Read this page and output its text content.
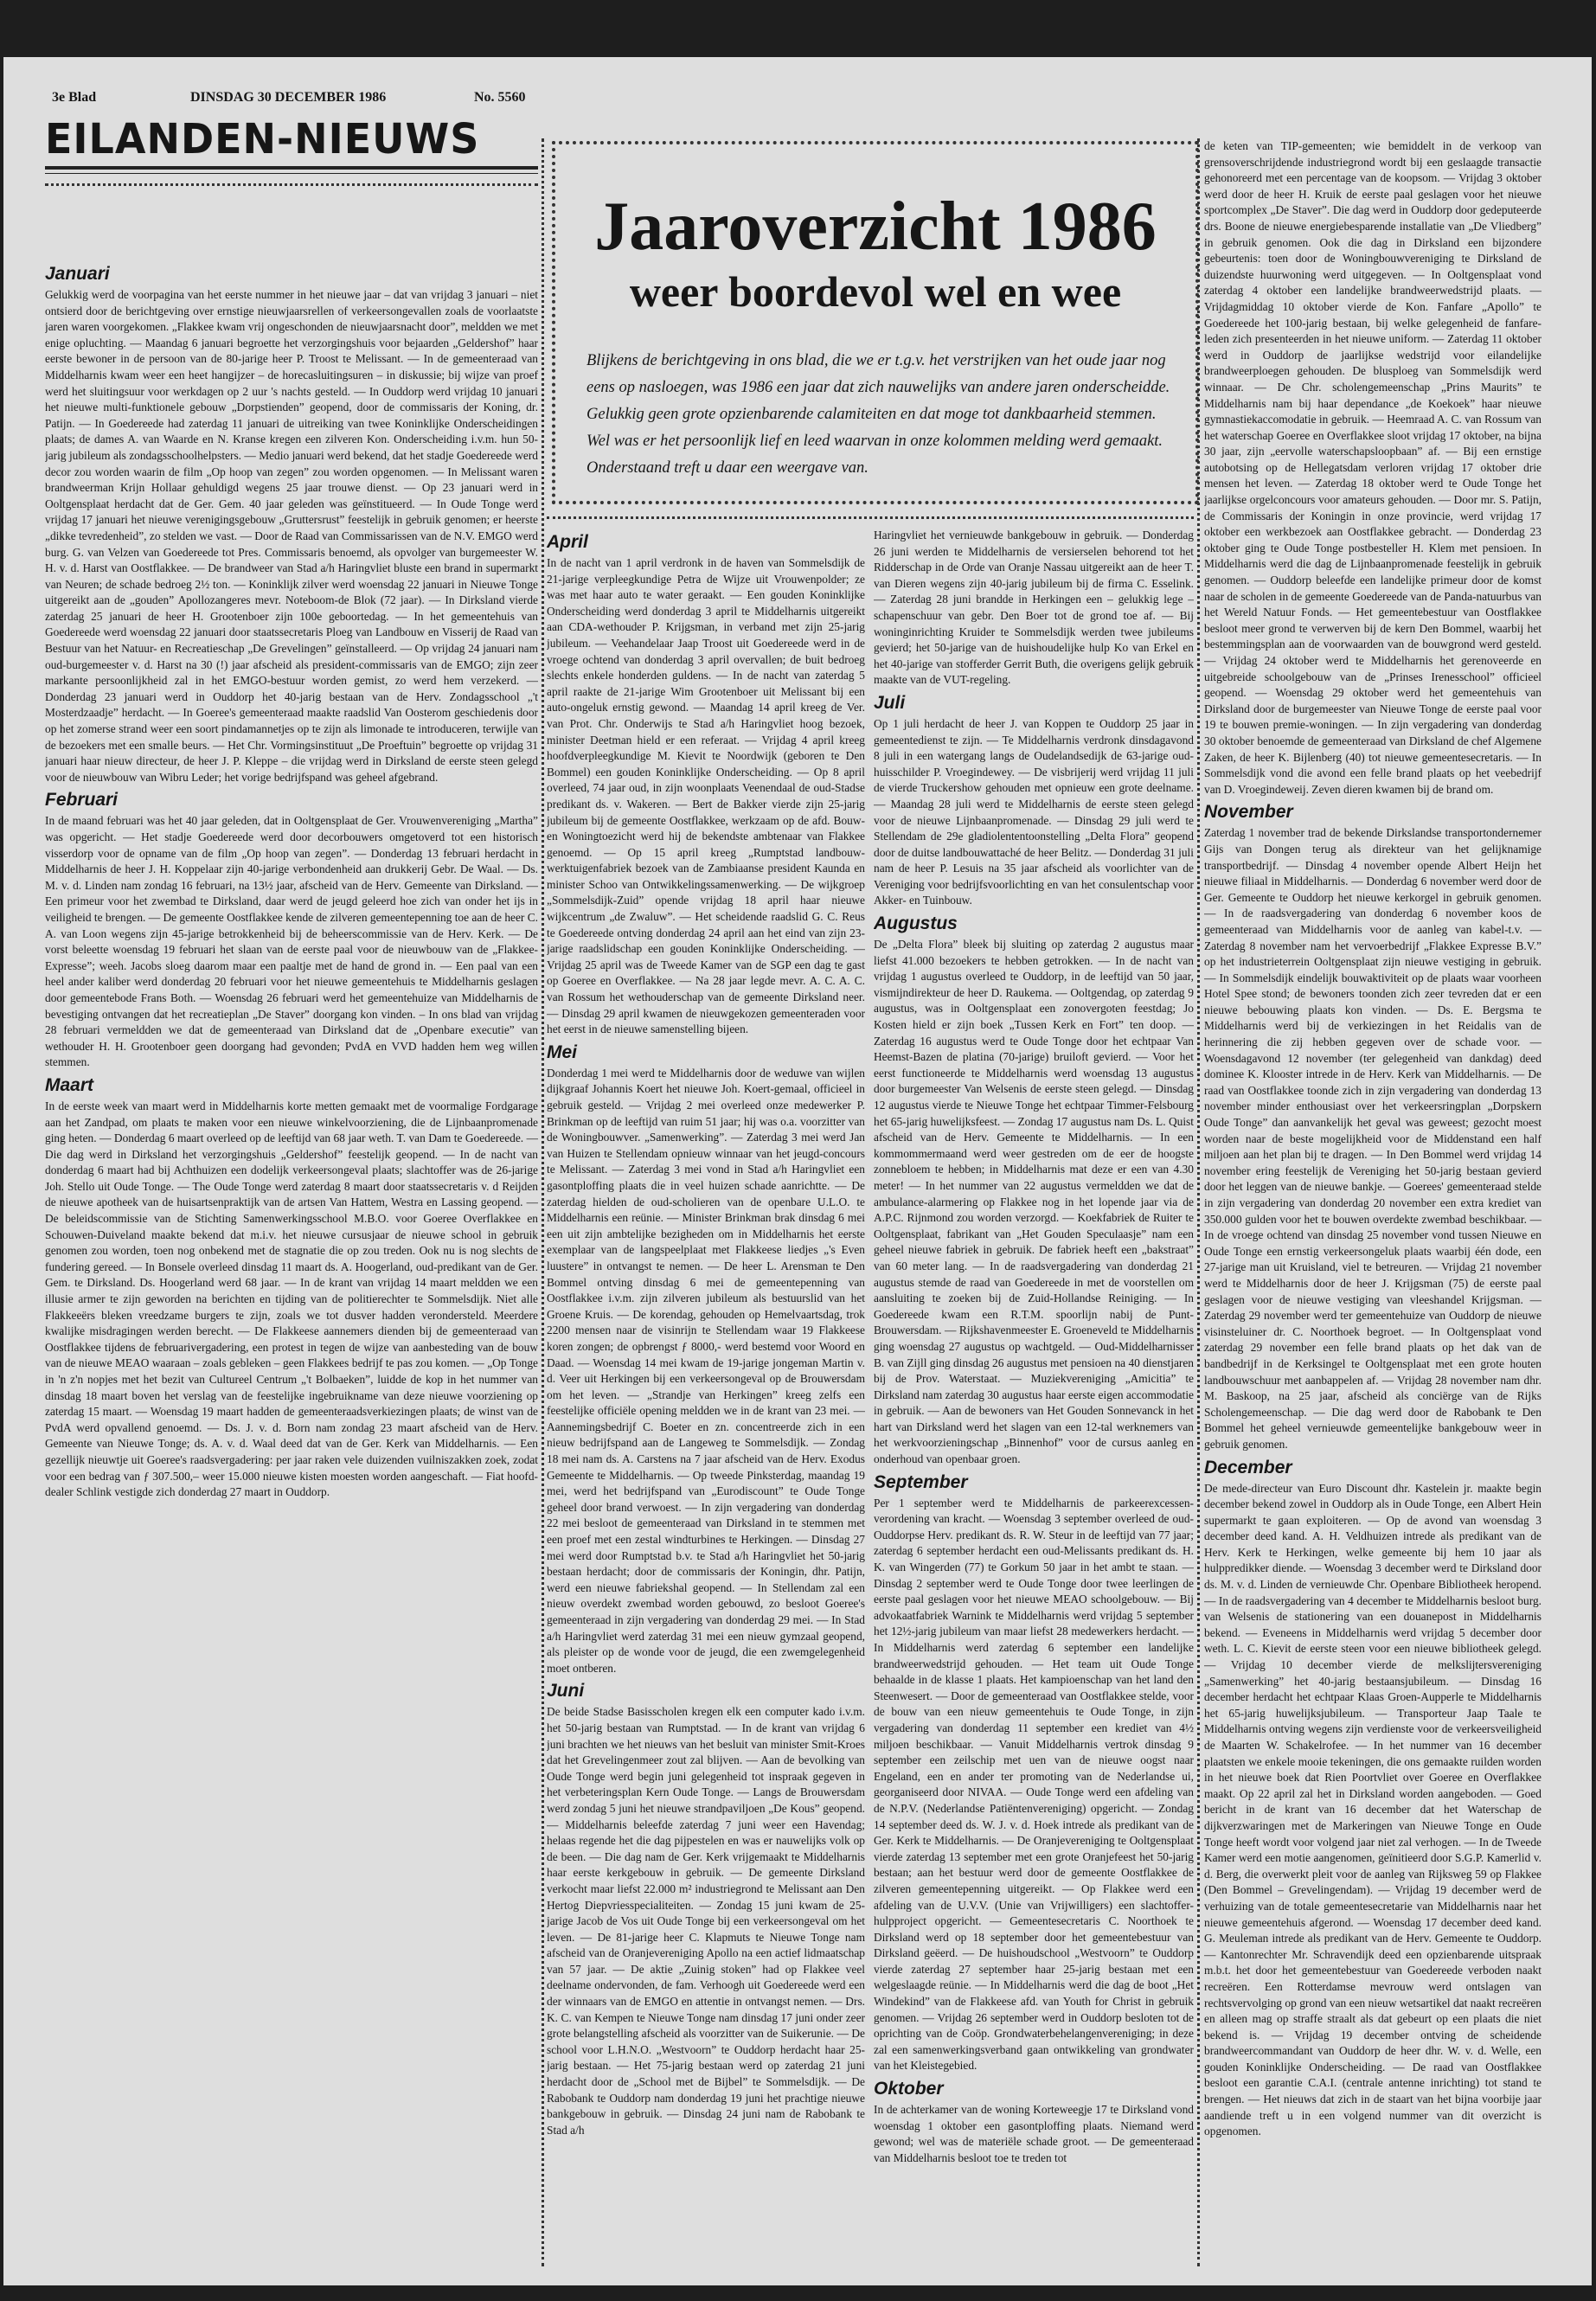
3e Blad	DINSDAG 30 DECEMBER 1986	No. 5560
EILANDEN-NIEUWS
Jaaroverzicht 1986
weer boordevol wel en wee

Blijkens de berichtgeving in ons blad, die we er t.g.v. het verstrijken van het oude jaar nog

eens op nasloegen, was 1986 een jaar dat zich nauwelijks van andere jaren onderscheidde.

Gelukkig geen grote opzienbarende calamiteiten en dat moge tot dankbaarheid stemmen.

Wel was er het persoonlijk lief en leed waarvan in onze kolommen melding werd gemaakt.

Onderstaand treft u daar een weergave van.

Januari

Gelukkig werd de voorpagina van het eerste nummer in het nieuwe jaar – dat van vrijdag 3 januari – niet ontsierd door de berichtgeving over ernstige nieuwjaarsrellen of verkeersongevallen zoals de voorlaatste jaren waren voorgekomen. „Flakkee kwam vrij ongeschonden de nieuwjaarsnacht door”, meldden we met enige opluchting. — Maandag 6 januari begroette het verzorgingshuis voor bejaarden „Geldershof” haar eerste bewoner in de persoon van de 80-jarige heer P. Troost te Melissant. — In de gemeenteraad van Middelharnis kwam weer een heet hangijzer – de horecasluitingsuren – in diskussie; bij wijze van proef werd het sluitingsuur voor werkdagen op 2 uur 's nachts gesteld. — In Ouddorp werd vrijdag 10 januari het nieuwe multi-funktionele gebouw „Dorpstienden” geopend, door de commissaris der Koning, dr. Patijn. — In Goedereede had zaterdag 11 januari de uitreiking van twee Koninklijke Onderscheidingen plaats; de dames A. van Waarde en N. Kranse kregen een zilveren Kon. Onderscheiding i.v.m. hun 50-jarig jubileum als zondagsschoolhelpsters. — Medio januari werd bekend, dat het stadje Goedereede werd decor zou worden waarin de film „Op hoop van zegen” zou worden opgenomen. — In Melissant waren brandweerman Krijn Hollaar gehuldigd wegens 25 jaar trouwe dienst. — Op 23 januari werd in Ooltgensplaat herdacht dat de Ger. Gem. 40 jaar geleden was geïnstitueerd. — In Oude Tonge werd vrijdag 17 januari het nieuwe verenigingsgebouw „Gruttersrust” feestelijk in gebruik genomen; er heerste „dikke tevredenheid”, zo stelden we vast. — Door de Raad van Commissarissen van de N.V. EMGO werd burg. G. van Velzen van Goedereede tot Pres. Commissaris benoemd, als opvolger van burgemeester W. H. v. d. Harst van Oostflakkee. — De brandweer van Stad a/h Haringvliet bluste een brand in supermarkt van Neuren; de schade bedroeg 2½ ton. — Koninklijk zilver werd woensdag 22 januari in Nieuwe Tonge uitgereikt aan de „gouden” Apollozangeres mevr. Noteboom-de Blok (72 jaar). — In Dirksland vierde zaterdag 25 januari de heer H. Grootenboer zijn 100e geboortedag. — In het gemeentehuis van Goedereede werd woensdag 22 januari door staatssecretaris Ploeg van Landbouw en Visserij de Raad van Bestuur van het Natuur- en Recreatieschap „De Grevelingen” geïnstalleerd. — Op vrijdag 24 januari nam oud-burgemeester v. d. Harst na 30 (!) jaar afscheid als president-commissaris van de EMGO; zijn zeer markante persoonlijkheid zal in het EMGO-bestuur worden gemist, zo werd hem verzekerd. — Donderdag 23 januari werd in Ouddorp het 40-jarig bestaan van de Herv. Zondagsschool „'t Mosterdzaadje” herdacht. — In Goeree's gemeenteraad maakte raadslid Van Oosterom geschiedenis door op het zomerse strand weer een soort pindamannetjes op te zijn als limonade te introduceren, terwijle van de bezoekers met een smalle beurs. — Het Chr. Vormingsinstituut „De Proeftuin” begroette op vrijdag 31 januari haar nieuw directeur, de heer J. P. Kleppe – die vrijdag werd in Dirksland de eerste steen gelegd voor de nieuwbouw van Wibru Leder; het vorige bedrijfspand was geheel afgebrand.

Februari

In de maand februari was het 40 jaar geleden, dat in Ooltgensplaat de Ger. Vrouwenvereniging „Martha” was opgericht. — Het stadje Goedereede werd door decorbouwers omgetoverd tot een historisch visserdorp voor de opname van de film „Op hoop van zegen”. — Donderdag 13 februari herdacht in Middelharnis de heer J. H. Koppelaar zijn 40-jarige verbondenheid aan drukkerij Gebr. De Waal. — Ds. M. v. d. Linden nam zondag 16 februari, na 13½ jaar, afscheid van de Herv. Gemeente van Dirksland. — Een primeur voor het zwembad te Dirksland, daar werd de jeugd geleerd hoe zich van onder het ijs in veiligheid te brengen. — De gemeente Oostflakkee kende de zilveren gemeentepenning toe aan de heer C. A. van Loon wegens zijn 45-jarige betrokkenheid bij de beheerscommissie van de Herv. Kerk. — De vorst beleette woensdag 19 februari het slaan van de eerste paal voor de nieuwbouw van de „Flakkee-Expresse”; weeh. Jacobs sloeg daarom maar een paaltje met de hand de grond in. — Een paal van een heel ander kaliber werd donderdag 20 februari voor het nieuwe gemeentehuis te Middelharnis geslagen door gemeentebode Frans Both. — Woensdag 26 februari werd het gemeentehuize van Middelharnis de bevestiging ontvangen dat het recreatieplan „De Staver” doorgang kon vinden. – In ons blad van vrijdag 28 februari vermeldden we dat de gemeenteraad van Dirksland dat de „Openbare executie” van wethouder H. H. Grootenboer geen doorgang had gevonden; PvdA en VVD hadden hem weg willen stemmen.

Maart

In de eerste week van maart werd in Middelharnis korte metten gemaakt met de voormalige Fordgarage aan het Zandpad, om plaats te maken voor een nieuwe winkelvoorziening, die de Lijnbaanpromenade ging heten. — Donderdag 6 maart overleed op de leeftijd van 68 jaar weth. T. van Dam te Goedereede. — Die dag werd in Dirksland het verzorgingshuis „Geldershof” feestelijk geopend. — In de nacht van donderdag 6 maart had bij Achthuizen een dodelijk verkeersongeval plaats; slachtoffer was de 26-jarige Joh. Stello uit Oude Tonge. — The Oude Tonge werd zaterdag 8 maart door staatssecretaris v. d Reijden de nieuwe apotheek van de huisartsenpraktijk van de artsen Van Hattem, Westra en Lassing geopend. — De beleidscommissie van de Stichting Samenwerkingsschool M.B.O. voor Goeree Overflakkee en Schouwen-Duiveland maakte bekend dat m.i.v. het nieuwe cursusjaar de nieuwe school in gebruik genomen zou worden, toen nog onbekend met de stagnatie die op zou treden. Ook nu is nog slechts de fundering gereed. — In Bonsele overleed dinsdag 11 maart ds. A. Hoogerland, oud-predikant van de Ger. Gem. te Dirksland. Ds. Hoogerland werd 68 jaar. — In de krant van vrijdag 14 maart meldden we een illusie armer te zijn geworden na berichten en tijding van de politierechter te Sommelsdijk. Niet alle Flakkeeërs bleken vreedzame burgers te zijn, zoals we tot dusver hadden verondersteld. Meerdere kwalijke misdragingen werden berecht. — De Flakkeese aannemers dienden bij de gemeenteraad van Oostflakkee tijdens de februarivergadering, een protest in tegen de wijze van aanbesteding van de bouw van de nieuwe MEAO waaraan – zoals gebleken – geen Flakkees bedrijf te pas zou komen. — „Op Tonge in 'n z'n nopjes met het bezit van Cultureel Centrum „'t Bolbaeken”, luidde de kop in het nummer van dinsdag 18 maart boven het verslag van de feestelijke ingebruikname van deze nieuwe voorziening op zaterdag 15 maart. — Woensdag 19 maart hadden de gemeenteraadsverkiezingen plaats; de winst van de PvdA werd opvallend genoemd. — Ds. J. v. d. Born nam zondag 23 maart afscheid van de Herv. Gemeente van Nieuwe Tonge; ds. A. v. d. Waal deed dat van de Ger. Kerk van Middelharnis. — Een gezellijk nieuwtje uit Goeree's raadsvergadering: per jaar raken vele duizenden vuilniszakken zoek, zodat voor een bedrag van ƒ 307.500,– weer 15.000 nieuwe kisten moesten worden aangeschaft. — Fiat hoofd-dealer Schlink vestigde zich donderdag 27 maart in Ouddorp.

April

In de nacht van 1 april verdronk in de haven van Sommelsdijk de 21-jarige verpleegkundige Petra de Wijze uit Vrouwenpolder; ze was met haar auto te water geraakt. — Een gouden Koninklijke Onderscheiding werd donderdag 3 april te Middelharnis uitgereikt aan CDA-wethouder P. Krijgsman, in verband met zijn 25-jarig jubileum. — Veehandelaar Jaap Troost uit Goedereede werd in de vroege ochtend van donderdag 3 april overvallen; de buit bedroeg slechts enkele honderden guldens. — In de nacht van zaterdag 5 april raakte de 21-jarige Wim Grootenboer uit Melissant bij een auto-ongeluk ernstig gewond. — Maandag 14 april kreeg de Ver. van Prot. Chr. Onderwijs te Stad a/h Haringvliet hoog bezoek, minister Deetman hield er een referaat. — Vrijdag 4 april kreeg hoofdverpleegkundige M. Kievit te Noordwijk (geboren te Den Bommel) een gouden Koninklijke Onderscheiding. — Op 8 april overleed, 74 jaar oud, in zijn woonplaats Veenendaal de oud-Stadse predikant ds. v. Wakeren. — Bert de Bakker vierde zijn 25-jarig jubileum bij de gemeente Oostflakkee, werkzaam op de afd. Bouw- en Woningtoezicht werd hij de bekendste ambtenaar van Flakkee genoemd. — Op 15 april kreeg „Rumptstad landbouw-werktuigenfabriek bezoek van de Zambiaanse president Kaunda en minister Schoo van Ontwikkelingssamenwerking. — De wijkgroep „Sommelsdijk-Zuid” opende vrijdag 18 april haar nieuwe wijkcentrum „de Zwaluw”. — Het scheidende raadslid G. C. Reus te Goedereede ontving donderdag 24 april aan het eind van zijn 23-jarige raadslidschap een gouden Koninklijke Onderscheiding. — Vrijdag 25 april was de Tweede Kamer van de SGP een dag te gast op Goeree en Overflakkee. — Na 28 jaar legde mevr. A. C. A. C. van Rossum het wethouderschap van de gemeente Dirksland neer. — Dinsdag 29 april kwamen de nieuwgekozen gemeenteraden voor het eerst in de nieuwe samenstelling bijeen.

Mei

Donderdag 1 mei werd te Middelharnis door de weduwe van wijlen dijkgraaf Johannis Koert het nieuwe Joh. Koert-gemaal, officieel in gebruik gesteld. — Vrijdag 2 mei overleed onze medewerker P. Brinkman op de leeftijd van ruim 51 jaar; hij was o.a. voorzitter van de Woningbouwver. „Samenwerking”. — Zaterdag 3 mei werd Jan van Huizen te Stellendam opnieuw winnaar van het jeugd-concours te Melissant. — Zaterdag 3 mei vond in Stad a/h Haringvliet een gasontploffing plaats die in veel huizen schade aanrichtte. — De zaterdag hielden de oud-scholieren van de openbare U.L.O. te Middelharnis een reünie. — Minister Brinkman brak dinsdag 6 mei een uit zijn ambtelijke bezigheden om in Middelharnis het eerste exemplaar van de langspeelplaat met Flakkeese liedjes „'s Even luustere” in ontvangst te nemen. — De heer L. Arensman te Den Bommel ontving dinsdag 6 mei de gemeentepenning van Oostflakkee i.v.m. zijn zilveren jubileum als bestuurslid van het Groene Kruis. — De korendag, gehouden op Hemelvaartsdag, trok 2200 mensen naar de visinrijn te Stellendam waar 19 Flakkeese koren zongen; de opbrengst ƒ 8000,- werd bestemd voor Woord en Daad. — Woensdag 14 mei kwam de 19-jarige jongeman Martin v. d. Veer uit Herkingen bij een verkeersongeval op de Brouwersdam om het leven. — „Strandje van Herkingen” kreeg zelfs een feestelijke officiële opening meldden we in de krant van 23 mei. — Aannemingsbedrijf C. Boeter en zn. concentreerde zich in een nieuw bedrijfspand aan de Langeweg te Sommelsdijk. — Zondag 18 mei nam ds. A. Carstens na 7 jaar afscheid van de Herv. Exodus Gemeente te Middelharnis. — Op tweede Pinksterdag, maandag 19 mei, werd het bedrijfspand van „Eurodiscount” te Oude Tonge geheel door brand verwoest. — In zijn vergadering van donderdag 22 mei besloot de gemeenteraad van Dirksland in te stemmen met een proef met een zestal windturbines te Herkingen. — Dinsdag 27 mei werd door Rumptstad b.v. te Stad a/h Haringvliet het 50-jarig bestaan herdacht; door de commissaris der Koningin, dhr. Patijn, werd een nieuwe fabriekshal geopend. — In Stellendam zal een nieuw overdekt zwembad worden gebouwd, zo besloot Goeree's gemeenteraad in zijn vergadering van donderdag 29 mei. — In Stad a/h Haringvliet werd zaterdag 31 mei een nieuw gymzaal geopend, als pleister op de wonde voor de jeugd, die een zwemgelegenheid moet ontberen.

Juni

De beide Stadse Basisscholen kregen elk een computer kado i.v.m. het 50-jarig bestaan van Rumptstad. — In de krant van vrijdag 6 juni brachten we het nieuws van het besluit van minister Smit-Kroes dat het Grevelingenmeer zout zal blijven. — Aan de bevolking van Oude Tonge werd begin juni gelegenheid tot inspraak gegeven in het verbeteringsplan Kern Oude Tonge. — Langs de Brouwersdam werd zondag 5 juni het nieuwe strandpaviljoen „De Kous” geopend. — Middelharnis beleefde zaterdag 7 juni weer een Havendag; helaas regende het die dag pijpestelen en was er nauwelijks volk op de been. — Die dag nam de Ger. Kerk vrijgemaakt te Middelharnis haar eerste kerkgebouw in gebruik. — De gemeente Dirksland verkocht maar liefst 22.000 m² industriegrond te Melissant aan Den Hertog Diepvriesspecialiteiten. — Zondag 15 juni kwam de 25-jarige Jacob de Vos uit Oude Tonge bij een verkeersongeval om het leven. — De 81-jarige heer C. Klapmuts te Nieuwe Tonge nam afscheid van de Oranjevereniging Apollo na een actief lidmaatschap van 57 jaar. — De aktie „Zuinig stoken” had op Flakkee veel deelname ondervonden, de fam. Verhoogh uit Goedereede werd een der winnaars van de EMGO en attentie in ontvangst nemen. — Drs. K. C. van Kempen te Nieuwe Tonge nam dinsdag 17 juni onder zeer grote belangstelling afscheid als voorzitter van de Suikerunie. — De school voor L.H.N.O. „Westvoorn” te Ouddorp herdacht haar 25-jarig bestaan. — Het 75-jarig bestaan werd op zaterdag 21 juni herdacht door de „School met de Bijbel” te Sommelsdijk. — De Rabobank te Ouddorp nam donderdag 19 juni het prachtige nieuwe bankgebouw in gebruik. — Dinsdag 24 juni nam de Rabobank te Stad a/h

Haringvliet het vernieuwde bankgebouw in gebruik. — Donderdag 26 juni werden te Middelharnis de versierselen behorend tot het Ridderschap in de Orde van Oranje Nassau uitgereikt aan de heer T. van Dieren wegens zijn 40-jarig jubileum bij de firma C. Esselink. — Zaterdag 28 juni brandde in Herkingen een – gelukkig lege – schapenschuur van gebr. Den Boer tot de grond toe af. — Bij woninginrichting Kruider te Sommelsdijk werden twee jubileums gevierd; het 50-jarige van de huishoudelijke hulp Ko van Erkel en het 40-jarige van stofferder Gerrit Buth, die overigens gelijk gebruik maakte van de VUT-regeling.

Juli

Op 1 juli herdacht de heer J. van Koppen te Ouddorp 25 jaar in gemeentedienst te zijn. — Te Middelharnis verdronk dinsdagavond 8 juli in een watergang langs de Oudelandsedijk de 63-jarige oud-huisschilder P. Vroegindewey. — De visbrijerij werd vrijdag 11 juli de vierde Truckershow gehouden met opnieuw een grote deelname. — Maandag 28 juli werd te Middelharnis de eerste steen gelegd voor de nieuwe Lijnbaanpromenade. — Dinsdag 29 juli werd te Stellendam de 29e gladiolententoonstelling „Delta Flora” geopend door de duitse landbouwattaché de heer Belitz. — Donderdag 31 juli nam de heer P. Lesuis na 35 jaar afscheid als voorlichter van de Vereniging voor bedrijfsvoorlichting en van het consulentschap voor Akker- en Tuinbouw.

Augustus

De „Delta Flora” bleek bij sluiting op zaterdag 2 augustus maar liefst 41.000 bezoekers te hebben getrokken. — In de nacht van vrijdag 1 augustus overleed te Ouddorp, in de leeftijd van 50 jaar, vismijndirekteur de heer D. Raukema. — Ooltgendag, op zaterdag 9 augustus, was in Ooltgensplaat een zonovergoten feestdag; Jo Kosten hield er zijn boek „Tussen Kerk en Fort” ten doop. — Zaterdag 16 augustus werd te Oude Tonge door het echtpaar Van Heemst-Bazen de platina (70-jarige) bruiloft gevierd. — Voor het eerst functioneerde te Middelharnis werd woensdag 13 augustus door burgemeester Van Welsenis de eerste steen gelegd. — Dinsdag 12 augustus vierde te Nieuwe Tonge het echtpaar Timmer-Felsbourg het 65-jarig huwelijksfeest. — Zondag 17 augustus nam Ds. L. Quist afscheid van de Herv. Gemeente te Middelharnis. — In een kommommermaand werd weer gestreden om de eer de hoogste zonnebloem te hebben; in Middelharnis mat deze er een van 4.30 meter! — In het nummer van 22 augustus vermeldden we dat de ambulance-alarmering op Flakkee nog in het lopende jaar via de A.P.C. Rijnmond zou worden verzorgd. — Koekfabriek de Ruiter te Ooltgensplaat, fabrikant van „Het Gouden Speculaasje” nam een geheel nieuwe fabriek in gebruik. De fabriek heeft een „bakstraat” van 60 meter lang. — In de raadsvergadering van donderdag 21 augustus stemde de raad van Goedereede in met de voorstellen om aansluiting te zoeken bij de Zuid-Hollandse Reiniging. — In Goedereede kwam een R.T.M. spoorlijn nabij de Punt-Brouwersdam. — Rijkshavenmeester E. Groeneveld te Middelharnis ging woensdag 27 augustus op wachtgeld. — Oud-Middelharnisser B. van Zijll ging dinsdag 26 augustus met pensioen na 40 dienstjaren bij de Prov. Waterstaat. — Muziekvereniging „Amicitia” te Dirksland nam zaterdag 30 augustus haar eerste eigen accommodatie in gebruik. — Aan de bewoners van Het Gouden Sonnevanck in het hart van Dirksland werd het slagen van een 12-tal werknemers van het werkvoorzieningschap „Binnenhof” voor de cursus aanleg en onderhoud van openbaar groen.

September

Per 1 september werd te Middelharnis de parkeerexcessen-verordening van kracht. — Woensdag 3 september overleed de oud-Ouddorpse Herv. predikant ds. R. W. Steur in de leeftijd van 77 jaar; zaterdag 6 september herdacht een oud-Melissants predikant ds. H. K. van Wingerden (77) te Gorkum 50 jaar in het ambt te staan. — Dinsdag 2 september werd te Oude Tonge door twee leerlingen de eerste paal geslagen voor het nieuwe MEAO schoolgebouw. — Bij advokaatfabriek Warnink te Middelharnis werd vrijdag 5 september het 12½-jarig jubileum van maar liefst 28 medewerkers herdacht. — In Middelharnis werd zaterdag 6 september een landelijke brandweerwedstrijd gehouden. — Het team uit Oude Tonge behaalde in de klasse 1 plaats. Het kampioenschap van het land den Steenwesert. — Door de gemeenteraad van Oostflakkee stelde, voor de bouw van een nieuw gemeentehuis te Oude Tonge, in zijn vergadering van donderdag 11 september een krediet van 4½ miljoen beschikbaar. — Vanuit Middelharnis vertrok dinsdag 9 september een zeilschip met uen van de nieuwe oogst naar Engeland, een en ander ter promoting van de Nederlandse ui, georganiseerd door NIVAA. — Oude Tonge werd een afdeling van de N.P.V. (Nederlandse Patiëntenvereniging) opgericht. — Zondag 14 september deed ds. W. J. v. d. Hoek intrede als predikant van de Ger. Kerk te Middelharnis. — De Oranjevereniging te Ooltgensplaat vierde zaterdag 13 september met een grote Oranjefeest het 50-jarig bestaan; aan het bestuur werd door de gemeente Oostflakkee de zilveren gemeentepenning uitgereikt. — Op Flakkee werd een afdeling van de U.V.V. (Unie van Vrijwilligers) een slachtoffer-hulpproject opgericht. — Gemeentesecretaris C. Noorthoek te Dirksland werd op 18 september door het gemeentebestuur van Dirksland geëerd. — De huishoudschool „Westvoorn” te Ouddorp vierde zaterdag 27 september haar 25-jarig bestaan met een welgeslaagde reünie. — In Middelharnis werd die dag de boot „Het Windekind” van de Flakkeese afd. van Youth for Christ in gebruik genomen. — Vrijdag 26 september werd in Ouddorp besloten tot de oprichting van de Coöp. Grondwaterbehelangenvereniging; in deze zal een samenwerkingsverband gaan ontwikkeling van grondwater van het Kleistegebied.

Oktober

In de achterkamer van de woning Korteweegje 17 te Dirksland vond woensdag 1 oktober een gasontploffing plaats. Niemand werd gewond; wel was de materiële schade groot. — De gemeenteraad van Middelharnis besloot toe te treden tot

de keten van TIP-gemeenten; wie bemiddelt in de verkoop van grensoverschrijdende industriegrond wordt bij een geslaagde transactie gehonoreerd met een percentage van de koopsom. — Vrijdag 3 oktober werd door de heer H. Kruik de eerste paal geslagen voor het nieuwe sportcomplex „De Staver”. Die dag werd in Ouddorp door gedeputeerde drs. Boone de nieuwe energiebesparende installatie van „De Vliedberg” in gebruik genomen. Ook die dag in Dirksland een bijzondere gebeurtenis: toen door de Woningbouwvereniging te Dirksland de duizendste huurwoning werd uitgegeven. — In Ooltgensplaat vond zaterdag 4 oktober een landelijke brandweerwedstrijd plaats. — Vrijdagmiddag 10 oktober vierde de Kon. Fanfare „Apollo” te Goedereede het 100-jarig bestaan, bij welke gelegenheid de fanfare-leden zich presenteerden in het nieuwe uniform. — Zaterdag 11 oktober werd in Ouddorp de jaarlijkse wedstrijd voor eilandelijke brandweerploegen gehouden. De blusploeg van Sommelsdijk werd winnaar. — De Chr. scholengemeenschap „Prins Maurits” te Middelharnis nam bij haar dependance „de Koekoek” haar nieuwe gymnastiekaccomodatie in gebruik. — Heemraad A. C. van Rossum van het waterschap Goeree en Overflakkee sloot vrijdag 17 oktober, na bijna 30 jaar, zijn „eervolle waterschapsloopbaan” af. — Bij een ernstige autobotsing op de Hellegatsdam verloren vrijdag 17 oktober drie mensen het leven. — Zaterdag 18 oktober werd te Oude Tonge het jaarlijkse orgelconcours voor amateurs gehouden. — Door mr. S. Patijn, de Commissaris der Koningin in onze provincie, werd vrijdag 17 oktober een werkbezoek aan Oostflakkee gebracht. — Donderdag 23 oktober ging te Oude Tonge postbesteller H. Klem met pensioen. In Middelharnis werd die dag de Lijnbaanpromenade feestelijk in gebruik genomen. — Ouddorp beleefde een landelijke primeur door de komst naar de scholen in de gemeente Goedereede van de Panda-natuurbus van het Wereld Natuur Fonds. — Het gemeentebestuur van Oostflakkee besloot meer grond te verwerven bij de kern Den Bommel, waarbij het bestemmingsplan aan de voorwaarden van de bouwgrond werd gesteld. — Vrijdag 24 oktober werd te Middelharnis het gerenoveerde en uitgebreide schoolgebouw van de „Prinses Irenesschool” officieel geopend. — Woensdag 29 oktober werd het gemeentehuis van Dirksland door de burgemeester van Nieuwe Tonge de eerste paal voor 19 te bouwen premie-woningen. — In zijn vergadering van donderdag 30 oktober benoemde de gemeenteraad van Dirksland de chef Algemene Zaken, de heer K. Bijlenberg (40) tot nieuwe gemeentesecretaris. — In Sommelsdijk vond die avond een felle brand plaats op het veebedrijf van D. Vroegindeweij. Zeven dieren kwamen bij de brand om.

November

Zaterdag 1 november trad de bekende Dirkslandse transportondernemer Gijs van Dongen terug als direkteur van het gelijknamige transportbedrijf. — Dinsdag 4 november opende Albert Heijn het nieuwe filiaal in Middelharnis. — Donderdag 6 november werd door de Ger. Gemeente te Ouddorp het nieuwe kerkorgel in gebruik genomen. — In de raadsvergadering van donderdag 6 november koos de gemeenteraad van Middelharnis voor de aanleg van kabel-t.v. — Zaterdag 8 november nam het vervoerbedrijf „Flakkee Expresse B.V.” op het industrieterrein Ooltgensplaat zijn nieuwe vestiging in gebruik. — In Sommelsdijk eindelijk bouwaktiviteit op de plaats waar voorheen Hotel Spee stond; de bewoners toonden zich zeer tevreden dat er een nieuwe bebouwing plaats kon vinden. — Ds. E. Bergsma te Middelharnis werd bij de verkiezingen in het Reidalis van de herinnering die zij hebben gegeven over de schade voor. — Woensdagavond 12 november (ter gelegenheid van dankdag) deed dominee K. Klooster intrede in de Herv. Kerk van Middelharnis. — De raad van Oostflakkee toonde zich in zijn vergadering van donderdag 13 november minder enthousiast over het verkeersringplan „Dorpskern Oude Tonge” dan aanvankelijk het geval was geweest; gezocht moest worden naar de beste mogelijkheid voor de Middenstand een half miljoen aan het plan bij te dragen. — In Den Bommel werd vrijdag 14 november ering feestelijk de Vereniging het 50-jarig bestaan gevierd door het leggen van de nieuwe bankje. — Goerees' gemeenteraad stelde in zijn vergadering van donderdag 20 november een extra krediet van 350.000 gulden voor het te bouwen overdekte zwembad beschikbaar. — In de vroege ochtend van dinsdag 25 november vond tussen Nieuwe en Oude Tonge een ernstig verkeersongeluk plaats waarbij één dode, een 27-jarige man uit Kruisland, viel te betreuren. — Vrijdag 21 november werd te Middelharnis door de heer J. Krijgsman (75) de eerste paal geslagen voor de nieuwe vestiging van vleeshandel Krijgsman. — Zaterdag 29 november werd ter gemeentehuize van Ouddorp de nieuwe visinsteluiner dr. C. Noorthoek begroet. — In Ooltgensplaat vond zaterdag 29 november een felle brand plaats op het dak van de bandbedrijf in de Kerksingel te Ooltgensplaat met een grote houten landbouwschuur met aanbappelen af. — Vrijdag 28 november nam dhr. M. Baskoop, na 25 jaar, afscheid als conciërge van de Rijks Scholengemeenschap. — Die dag werd door de Rabobank te Den Bommel het geheel vernieuwde gemeentelijke bankgebouw weer in gebruik genomen.

December

De mede-directeur van Euro Discount dhr. Kastelein jr. maakte begin december bekend zowel in Ouddorp als in Oude Tonge, een Albert Hein supermarkt te gaan exploiteren. — Op de avond van woensdag 3 december deed kand. A. H. Veldhuizen intrede als predikant van de Herv. Kerk te Herkingen, welke gemeente bij hem 10 jaar als hulppredikker diende. — Woensdag 3 december werd te Dirksland door ds. M. v. d. Linden de vernieuwde Chr. Openbare Bibliotheek heropend. — In de raadsvergadering van 4 december te Middelharnis besloot burg. van Welsenis de stationering van een douanepost in Middelharnis bekend. — Eveneens in Middelharnis werd vrijdag 5 december door weth. L. C. Kievit de eerste steen voor een nieuwe bibliotheek gelegd. — Vrijdag 10 december vierde de melkslijtersvereniging „Samenwerking” het 40-jarig bestaansjubileum. — Dinsdag 16 december herdacht het echtpaar Klaas Groen-Aupperle te Middelharnis het 65-jarig huwelijksjubileum. — Transporteur Jaap Taale te Middelharnis ontving wegens zijn verdienste voor de verkeersveiligheid de Maarten W. Schakelrofee. — In het nummer van 16 december plaatsten we enkele mooie tekeningen, die ons gemaakte ruilden worden in het nieuwe boek dat Rien Poortvliet over Goeree en Overflakkee maakt. Op 22 april zal het in Dirksland worden aangeboden. — Goed bericht in de krant van 16 december dat het Waterschap de dijkverzwaringen met de Markeringen van Nieuwe Tonge en Oude Tonge heeft wordt voor volgend jaar niet zal verhogen. — In de Tweede Kamer werd een motie aangenomen, geïnitieerd door S.G.P. Kamerlid v. d. Berg, die overwerkt pleit voor de aanleg van Rijksweg 59 op Flakkee (Den Bommel – Grevelingendam). — Vrijdag 19 december werd de verhuizing van de totale gemeentesecretarie van Middelharnis naar het nieuwe gemeentehuis afgerond. — Woensdag 17 december deed kand. G. Meuleman intrede als predikant van de Herv. Gemeente te Ouddorp. — Kantonrechter Mr. Schravendijk deed een opzienbarende uitspraak m.b.t. het door het gemeentebestuur van Goedereede verboden naakt recreëren. Een Rotterdamse mevrouw werd ontslagen van rechtsvervolging op grond van een nieuw wetsartikel dat naakt recreëren en alleen mag op straffe straalt als dat gebeurt op een plaats die niet bekend is. — Vrijdag 19 december ontving de scheidende brandweercommandant van Ouddorp de heer dhr. W. v. d. Welle, een gouden Koninklijke Onderscheiding. — De raad van Oostflakkee besloot een garantie C.A.I. (centrale antenne inrichting) tot stand te brengen. — Het nieuws dat zich in de staart van het bijna voorbije jaar aandiende treft u in een volgend nummer van dit overzicht is opgenomen.
